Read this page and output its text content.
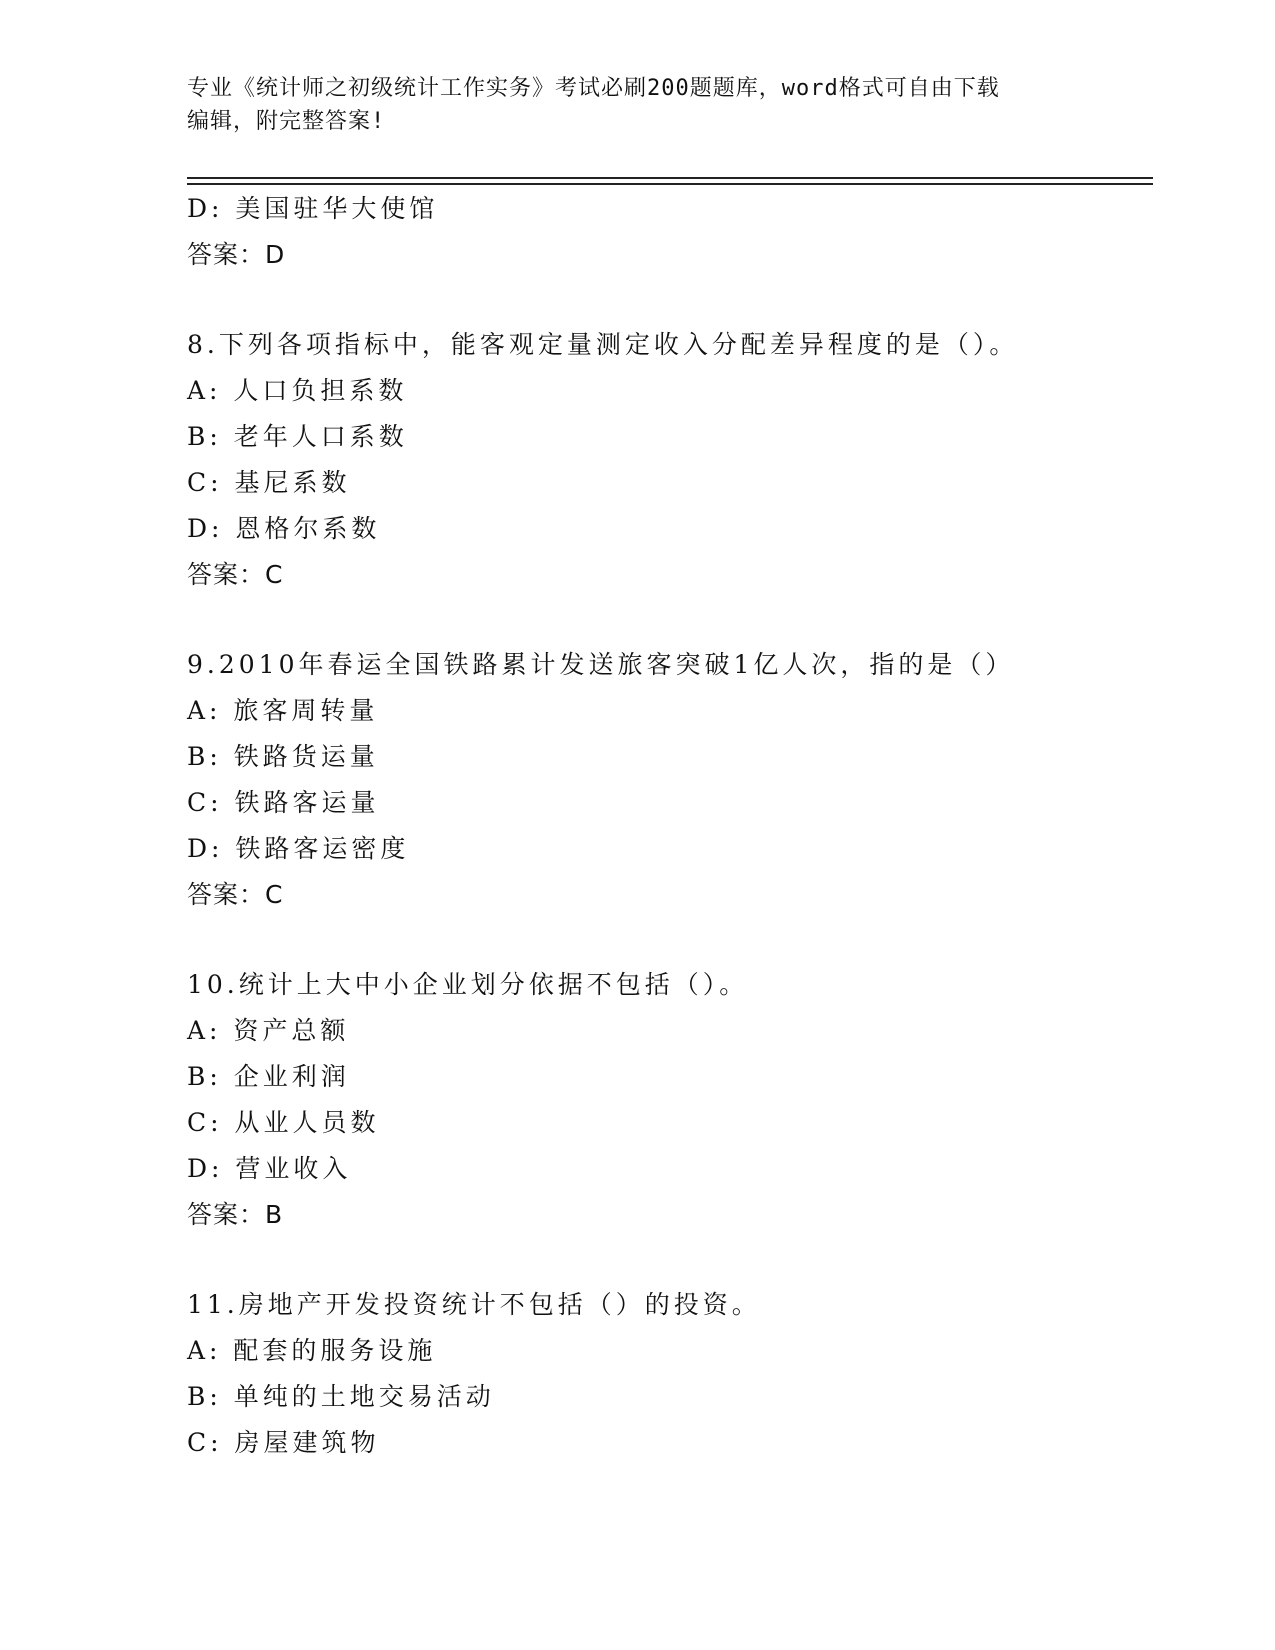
专业《统计师之初级统计工作实务》考试必刷200题题库，word格式可自由下载
编辑，附完整答案!
D: 美国驻华大使馆
答案：D
8.下列各项指标中，能客观定量测定收入分配差异程度的是（）。
A: 人口负担系数
B: 老年人口系数
C: 基尼系数
D: 恩格尔系数
答案：C
9.2010年春运全国铁路累计发送旅客突破1亿人次，指的是（）
A: 旅客周转量
B: 铁路货运量
C: 铁路客运量
D: 铁路客运密度
答案：C
10.统计上大中小企业划分依据不包括（）。
A: 资产总额
B: 企业利润
C: 从业人员数
D: 营业收入
答案：B
11.房地产开发投资统计不包括（）的投资。
A: 配套的服务设施
B: 单纯的土地交易活动
C: 房屋建筑物
